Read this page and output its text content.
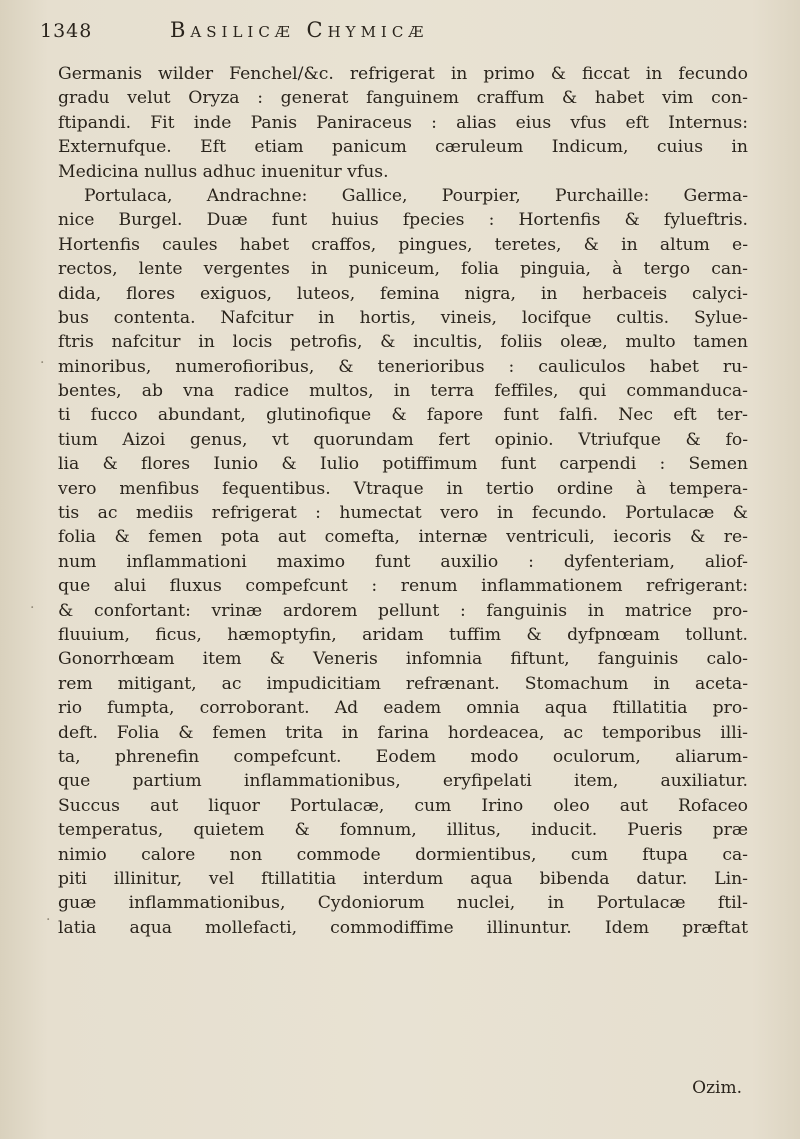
1348	Basilicæ Chymicæ
Germanis wilder Fenchel/&c. refrigerat in primo & ficcat in fecundo
gradu velut Oryza : generat fanguinem craffum & habet vim con-
ftipandi. Fit inde Panis Paniraceus : alias eius vfus eft Internus:
Externufque. Eft etiam panicum cæruleum Indicum, cuius in
Medicina nullus adhuc inuenitur vfus.
Portulaca, Andrachne: Gallice, Pourpier, Purchaille: Germa-
nice Burgel. Duæ funt huius fpecies : Hortenfis & fylueftris.
Hortenfis caules habet craffos, pingues, teretes, & in altum e-
rectos, lente vergentes in puniceum, folia pinguia, à tergo can-
dida, flores exiguos, luteos, femina nigra, in herbaceis calyci-
bus contenta. Nafcitur in hortis, vineis, locifque cultis. Sylue-
ftris nafcitur in locis petrofis, & incultis, foliis oleæ, multo tamen
minoribus, numerofioribus, & tenerioribus : cauliculos habet ru-
bentes, ab vna radice multos, in terra feffiles, qui commanduca-
ti fucco abundant, glutinofique & fapore funt falfi. Nec eft ter-
tium Aizoi genus, vt quorundam fert opinio. Vtriufque & fo-
lia & flores Iunio & Iulio potiffimum funt carpendi : Semen
vero menfibus fequentibus. Vtraque in tertio ordine à tempera-
tis ac mediis refrigerat : humectat vero in fecundo. Portulacæ &
folia & femen pota aut comefta, internæ ventriculi, iecoris & re-
num inflammationi maximo funt auxilio : dyfenteriam, aliof-
que alui fluxus compefcunt : renum inflammationem refrigerant:
& confortant: vrinæ ardorem pellunt : fanguinis in matrice pro-
fluuium, ficus, hæmoptyfin, aridam tuffim & dyfpnœam tollunt.
Gonorrhœam item & Veneris infomnia fiftunt, fanguinis calo-
rem mitigant, ac impudicitiam refrænant. Stomachum in aceta-
rio fumpta, corroborant. Ad eadem omnia aqua ftillatitia pro-
deft. Folia & femen trita in farina hordeacea, ac temporibus illi-
ta, phrenefin compefcunt. Eodem modo oculorum, aliarum-
que partium inflammationibus, eryfipelati item, auxiliatur.
Succus aut liquor Portulacæ, cum Irino oleo aut Rofaceo
temperatus, quietem & fomnum, illitus, inducit. Pueris præ
nimio calore non commode dormientibus, cum ftupa ca-
piti illinitur, vel ftillatitia interdum aqua bibenda datur. Lin-
guæ inflammationibus, Cydoniorum nuclei, in Portulacæ ftil-
latia aqua mollefacti, commodiffime illinuntur. Idem præftat
Ozim.
·
·
·
